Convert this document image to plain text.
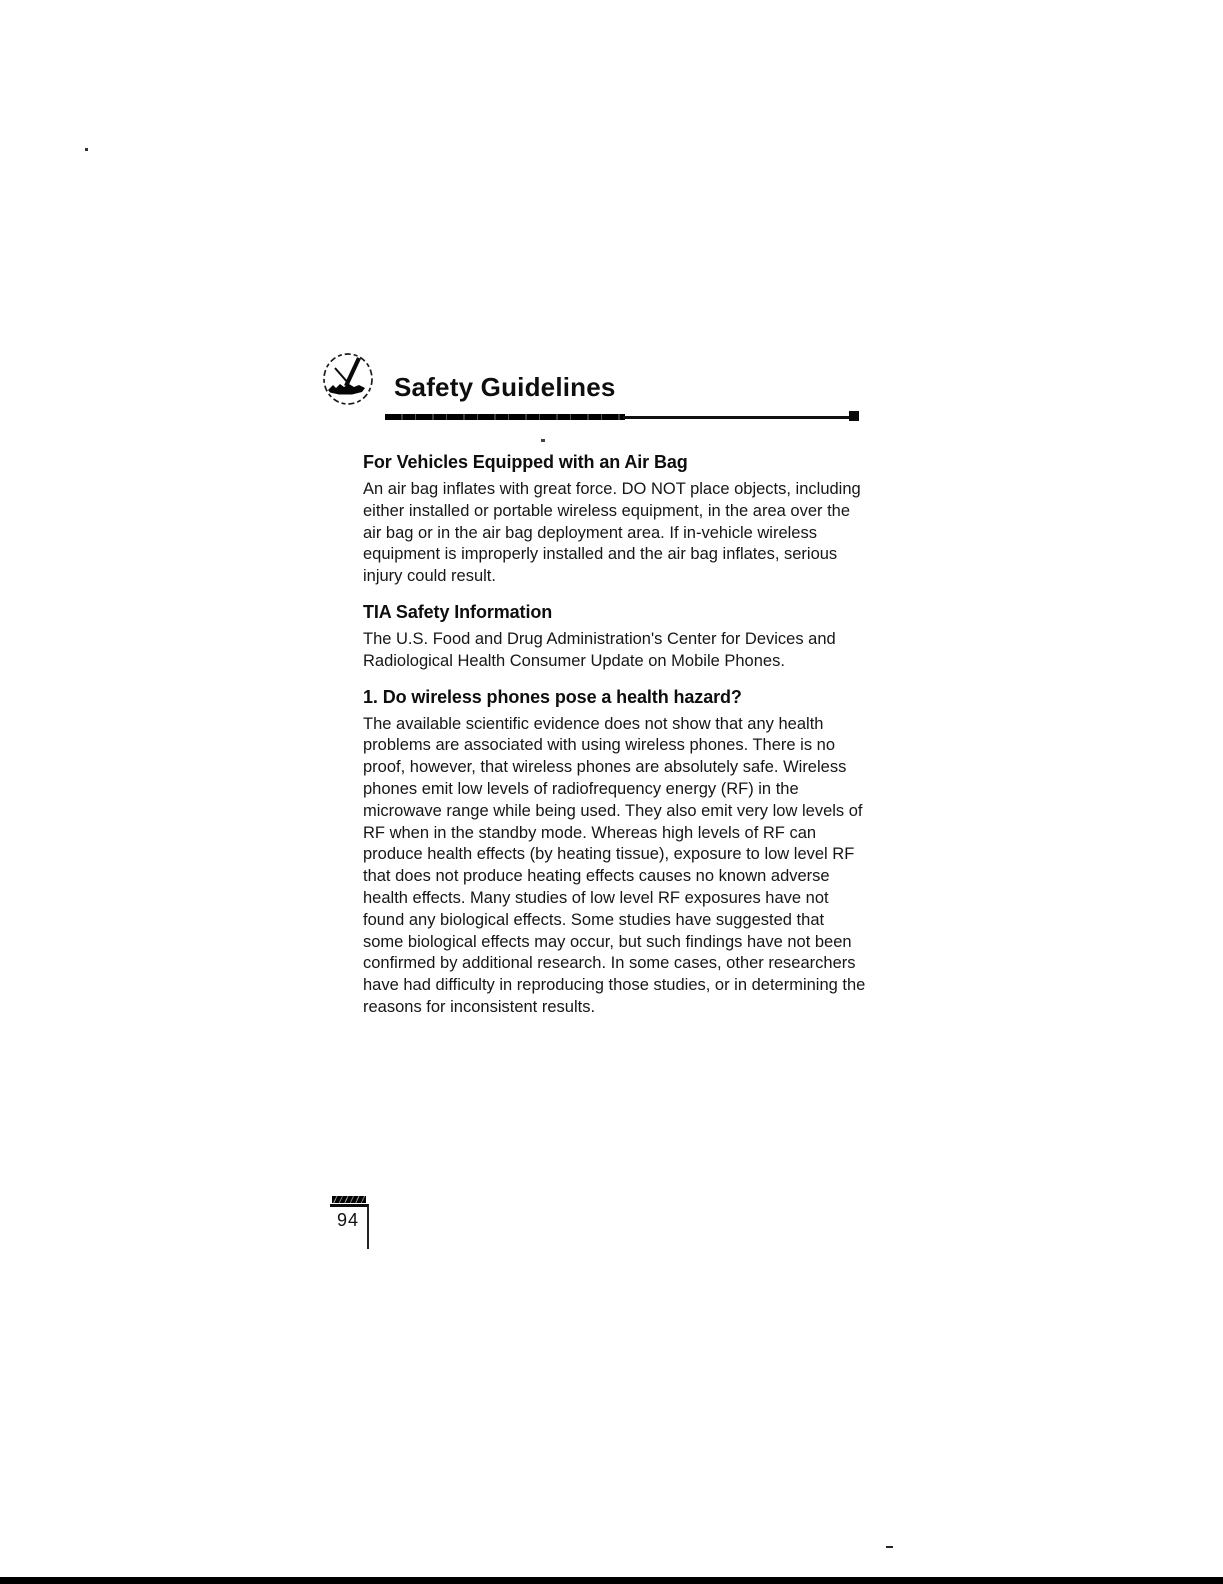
Safety Guidelines
For Vehicles Equipped with an Air Bag

An air bag inflates with great force. DO NOT place objects, including either installed or portable wireless equipment, in the area over the air bag or in the air bag deployment area. If in-vehicle wireless equipment is improperly installed and the air bag inflates, serious injury could result.

TIA Safety Information

The U.S. Food and Drug Administration's Center for Devices and Radiological Health Consumer Update on Mobile Phones.

1. Do wireless phones pose a health hazard?

The available scientific evidence does not show that any health problems are associated with using wireless phones. There is no proof, however, that wireless phones are absolutely safe. Wireless phones emit low levels of radiofrequency energy (RF) in the microwave range while being used. They also emit very low levels of RF when in the standby mode. Whereas high levels of RF can produce health effects (by heating tissue), exposure to low level RF that does not produce heating effects causes no known adverse health effects. Many studies of low level RF exposures have not found any biological effects. Some studies have suggested that some biological effects may occur, but such findings have not been confirmed by additional research. In some cases, other researchers have had difficulty in reproducing those studies, or in determining the reasons for inconsistent results.

94
